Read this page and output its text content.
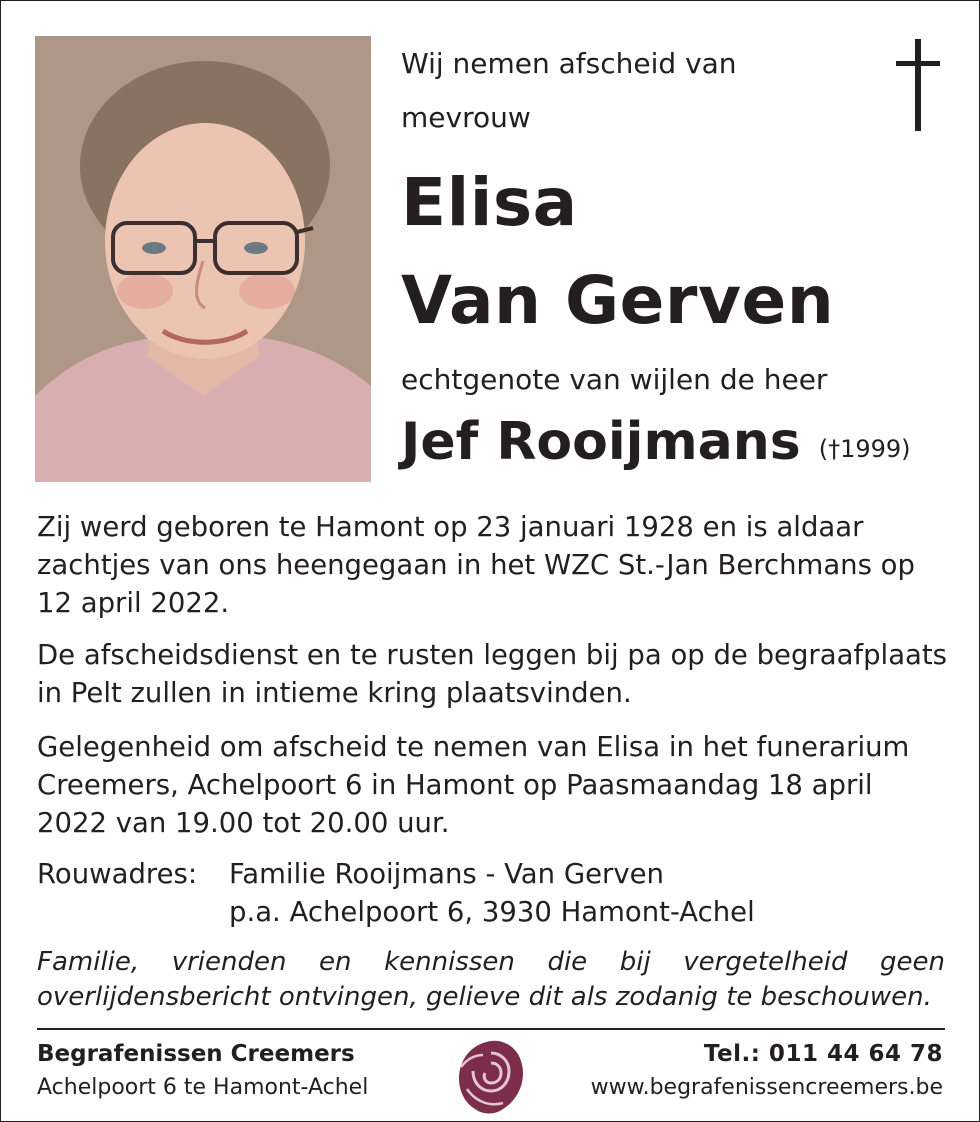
Wij nemen afscheid van
mevrouw
Elisa
Van Gerven
echtgenote van wijlen de heer
Jef Rooijmans (†1999)
Zij werd geboren te Hamont op 23 januari 1928 en is aldaar zachtjes van ons heengegaan in het WZC St.-Jan Berchmans op 12 april 2022.
De afscheidsdienst en te rusten leggen bij pa op de begraafplaats in Pelt zullen in intieme kring plaatsvinden.
Gelegenheid om afscheid te nemen van Elisa in het funerarium Creemers, Achelpoort 6 in Hamont op Paasmaandag 18 april 2022 van 19.00 tot 20.00 uur.
Rouwadres: Familie Rooijmans - Van Gerven
p.a. Achelpoort 6, 3930 Hamont-Achel
Familie, vrienden en kennissen die bij vergetelheid geen overlijdensbericht ontvingen, gelieve dit als zodanig te beschouwen.
Begrafenissen Creemers
Achelpoort 6 te Hamont-Achel
Tel.: 011 44 64 78
www.begrafenissencreemers.be
